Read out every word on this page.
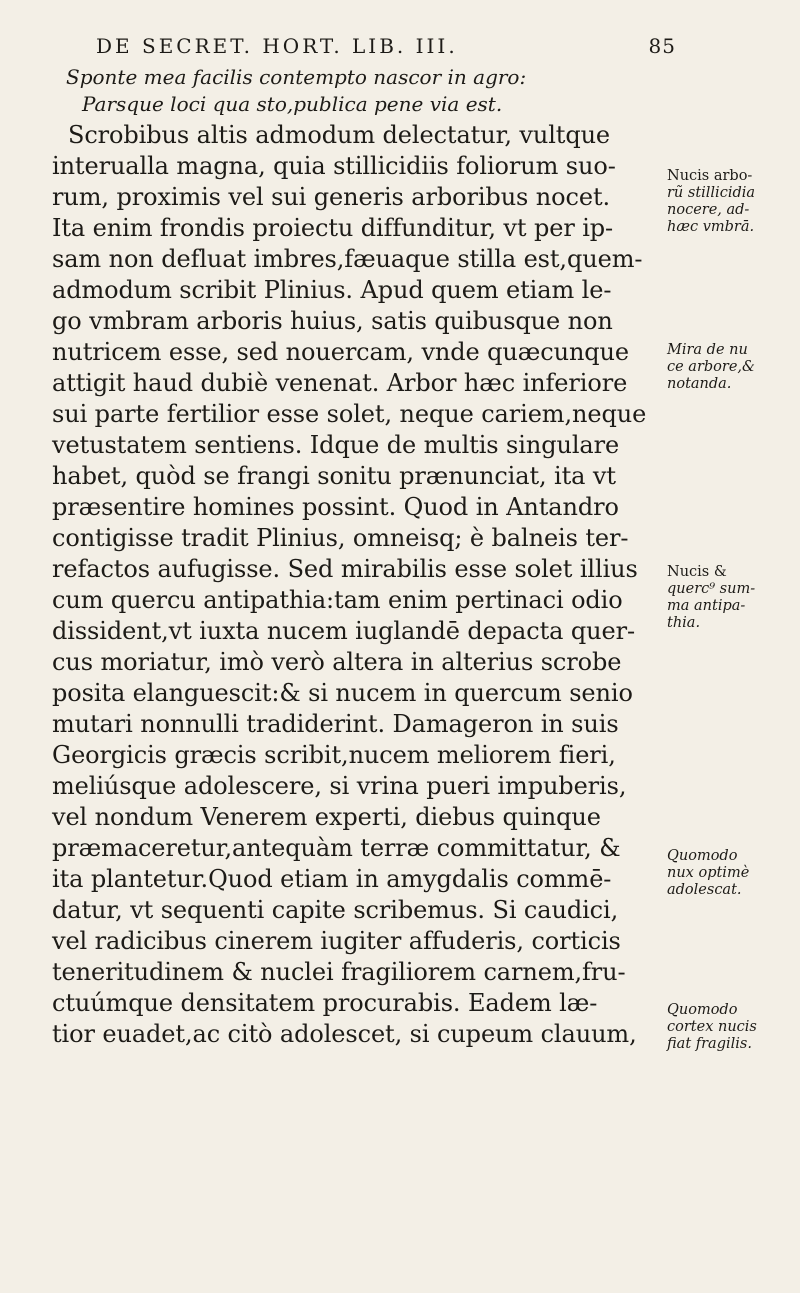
DE SECRET. HORT. LIB. III.	85

Sponte mea facilis contempto nascor in agro:

Parsque loci qua sto,publica pene via est.

Scrobibus altis admodum delectatur, vultque

interualla magna, quia stillicidiis foliorum suo-

rum, proximis vel sui generis arboribus nocet.

Ita enim frondis proiectu diffunditur, vt per ip-

sam non defluat imbres,fæuaque stilla est,quem-

admodum scribit Plinius. Apud quem etiam le-

go vmbram arboris huius, satis quibusque non

nutricem esse, sed nouercam, vnde quæcunque

attigit haud dubiè venenat. Arbor hæc inferiore

sui parte fertilior esse solet, neque cariem,neque

vetustatem sentiens. Idque de multis singulare

habet, quòd se frangi sonitu prænunciat, ita vt

præsentire homines possint. Quod in Antandro

contigisse tradit Plinius, omneisq; è balneis ter-

refactos aufugisse. Sed mirabilis esse solet illius

cum quercu antipathia:tam enim pertinaci odio

dissident,vt iuxta nucem iuglandē depacta quer-

cus moriatur, imò verò altera in alterius scrobe

posita elanguescit:& si nucem in quercum senio

mutari nonnulli tradiderint. Damageron in suis

Georgicis græcis scribit,nucem meliorem fieri,

meliúsque adolescere, si vrina pueri impuberis,

vel nondum Venerem experti, diebus quinque

præmaceretur,antequàm terræ committatur, &

ita plantetur.Quod etiam in amygdalis commē-

datur, vt sequenti capite scribemus. Si caudici,

vel radicibus cinerem iugiter affuderis, corticis

teneritudinem & nuclei fragiliorem carnem,fru-

ctuúmque densitatem procurabis. Eadem læ-

tior euadet,ac citò adolescet, si cupeum clauum,

Nucis arbo-

rũ stillicidia

nocere, ad-

hæc vmbrā.

Mira de nu

ce arbore,&

notanda.

Nucis &

querc⁹ sum-

ma antipa-

thia.

Quomodo

nux optimè

adolescat.

Quomodo

cortex nucis

fiat fragilis.
